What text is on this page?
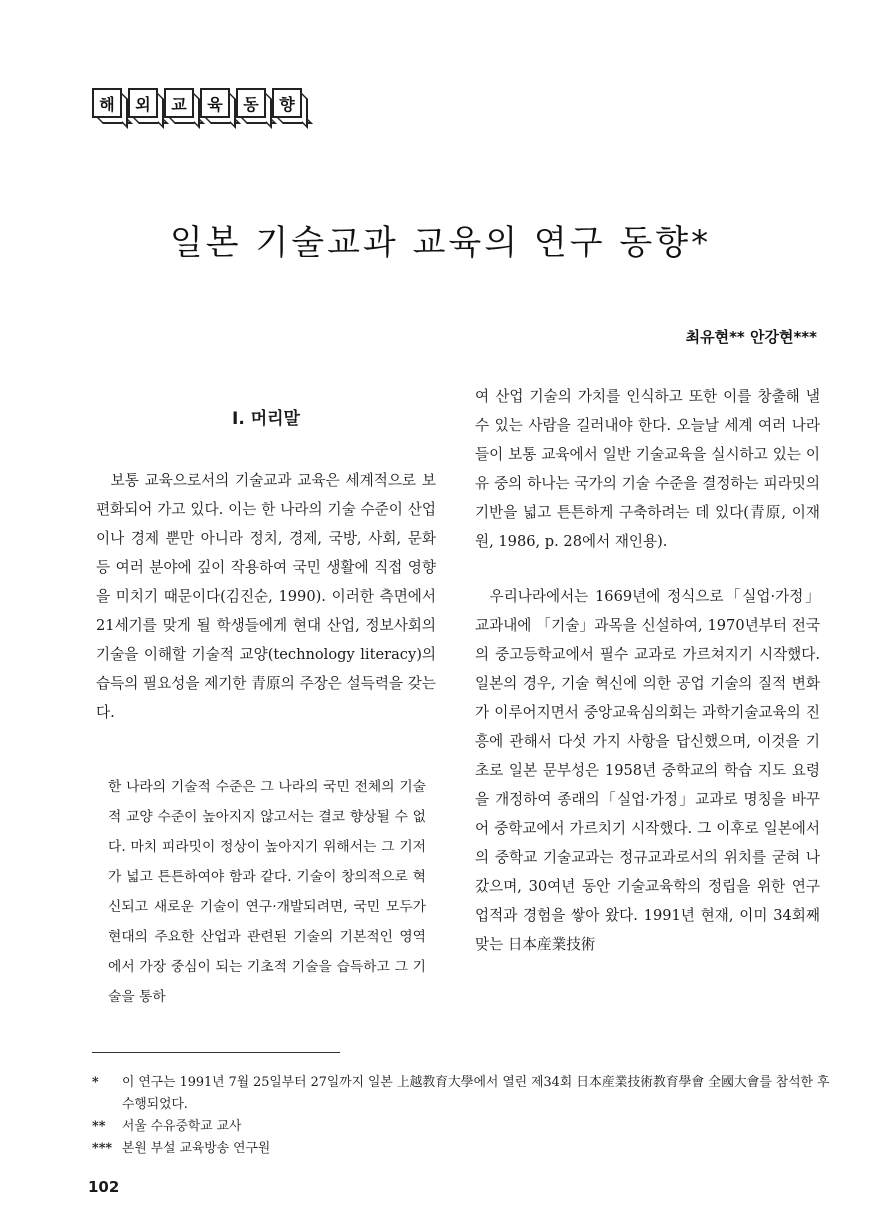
해 외 교 육 동 향
일본 기술교과 교육의 연구 동향*
최유현** 안강현***

I. 머리말

보통 교육으로서의 기술교과 교육은 세계적으로 보편화되어 가고 있다. 이는 한 나라의 기술 수준이 산업이나 경제 뿐만 아니라 정치, 경제, 국방, 사회, 문화 등 여러 분야에 깊이 작용하여 국민 생활에 직접 영향을 미치기 때문이다(김진순, 1990). 이러한 측면에서 21세기를 맞게 될 학생들에게 현대 산업, 정보사회의 기술을 이해할 기술적 교양(technology literacy)의 습득의 필요성을 제기한 青原의 주장은 설득력을 갖는다.

한 나라의 기술적 수준은 그 나라의 국민 전체의 기술적 교양 수준이 높아지지 않고서는 결코 향상될 수 없다. 마치 피라밋이 정상이 높아지기 위해서는 그 기저가 넓고 튼튼하여야 함과 같다. 기술이 창의적으로 혁신되고 새로운 기술이 연구·개발되려면, 국민 모두가 현대의 주요한 산업과 관련된 기술의 기본적인 영역에서 가장 중심이 되는 기초적 기술을 습득하고 그 기술을 통하

여 산업 기술의 가치를 인식하고 또한 이를 창출해 낼 수 있는 사람을 길러내야 한다. 오늘날 세계 여러 나라들이 보통 교육에서 일반 기술교육을 실시하고 있는 이유 중의 하나는 국가의 기술 수준을 결정하는 피라밋의 기반을 넓고 튼튼하게 구축하려는 데 있다(青原, 이재원, 1986, p. 28에서 재인용).

우리나라에서는 1669년에 정식으로「실업·가정」교과내에 「기술」과목을 신설하여, 1970년부터 전국의 중고등학교에서 필수 교과로 가르쳐지기 시작했다. 일본의 경우, 기술 혁신에 의한 공업 기술의 질적 변화가 이루어지면서 중앙교육심의회는 과학기술교육의 진흥에 관해서 다섯 가지 사항을 답신했으며, 이것을 기초로 일본 문부성은 1958년 중학교의 학습 지도 요령을 개정하여 종래의「실업·가정」교과로 명칭을 바꾸어 중학교에서 가르치기 시작했다. 그 이후로 일본에서의 중학교 기술교과는 정규교과로서의 위치를 굳혀 나갔으며, 30여년 동안 기술교육학의 정립을 위한 연구 업적과 경험을 쌓아 왔다. 1991년 현재, 이미 34회째 맞는 日本産業技術

*	이 연구는 1991년 7월 25일부터 27일까지 일본 上越教育大學에서 열린 제34회 日本産業技術教育學會 全國大會를 참석한 후 수행되었다.
**	서울 수유중학교 교사
*** 본원 부설 교육방송 연구원
102
